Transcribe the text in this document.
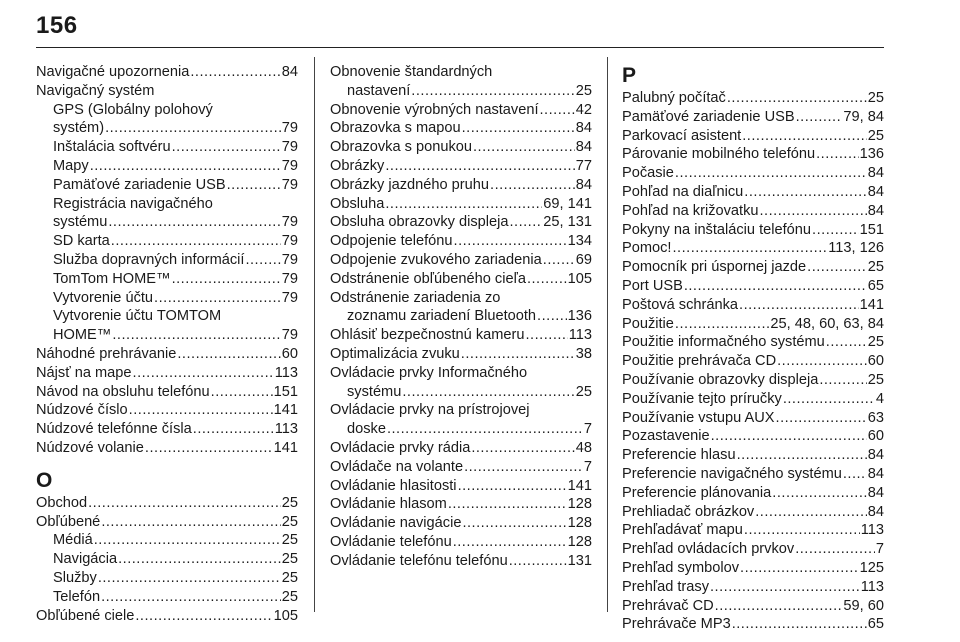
156
Navigačné upozornenia .....	84
Navigačný systém
GPS (Globálny polohový
systém) .....	79
Inštalácia softvéru .....	79
Mapy .....	79
Pamäťové zariadenie USB .....	79
Registrácia navigačného
systému .....	79
SD karta .....	79
Služba dopravných informácií .....	79
TomTom HOME™ .....	79
Vytvorenie účtu .....	79
Vytvorenie účtu TOMTOM
HOME™ .....	79
Náhodné prehrávanie .....	60
Nájsť na mape .....	113
Návod na obsluhu telefónu .....	151
Núdzové číslo .....	141
Núdzové telefónne čísla .....	113
Núdzové volanie .....	141
O
Obchod .....	25
Obľúbené .....	25
Médiá .....	25
Navigácia .....	25
Služby .....	25
Telefón .....	25
Obľúbené ciele .....	105
Obnovenie štandardných
nastavení .....	25
Obnovenie výrobných nastavení .....	42
Obrazovka s mapou .....	84
Obrazovka s ponukou .....	84
Obrázky .....	77
Obrázky jazdného pruhu .....	84
Obsluha .....	69, 141
Obsluha obrazovky displeja ..... 25, 131
Odpojenie telefónu .....	134
Odpojenie zvukového zariadenia ..... 69
Odstránenie obľúbeného cieľa .....	105
Odstránenie zariadenia zo
zoznamu zariadení Bluetooth ..... 136
Ohlásiť bezpečnostnú kameru .....	113
Optimalizácia zvuku .....	38
Ovládacie prvky Informačného
systému .....	25
Ovládacie prvky na prístrojovej
doske .....	7
Ovládacie prvky rádia .....	48
Ovládače na volante .....	7
Ovládanie hlasitosti .....	141
Ovládanie hlasom .....	128
Ovládanie navigácie .....	128
Ovládanie telefónu .....	128
Ovládanie telefónu telefónu .....	131
P
Palubný počítač .....	25
Pamäťové zariadenie USB .....	79, 84
Parkovací asistent .....	25
Párovanie mobilného telefónu .....	136
Počasie .....	84
Pohľad na diaľnicu .....	84
Pohľad na križovatku .....	84
Pokyny na inštaláciu telefónu .....	151
Pomoc! .....	113, 126
Pomocník pri úspornej jazde .....	25
Port USB .....	65
Poštová schránka .....	141
Použitie .....	25, 48, 60, 63, 84
Použitie informačného systému .....	25
Použitie prehrávača CD .....	60
Používanie obrazovky displeja .....	25
Používanie tejto príručky .....	4
Používanie vstupu AUX .....	63
Pozastavenie .....	60
Preferencie hlasu .....	84
Preferencie navigačného systému ..... 84
Preferencie plánovania .....	84
Prehliadač obrázkov .....	84
Prehľadávať mapu .....	113
Prehľad ovládacích prvkov .....	7
Prehľad symbolov .....	125
Prehľad trasy .....	113
Prehrávač CD .....	59, 60
Prehrávače MP3 .....	65
